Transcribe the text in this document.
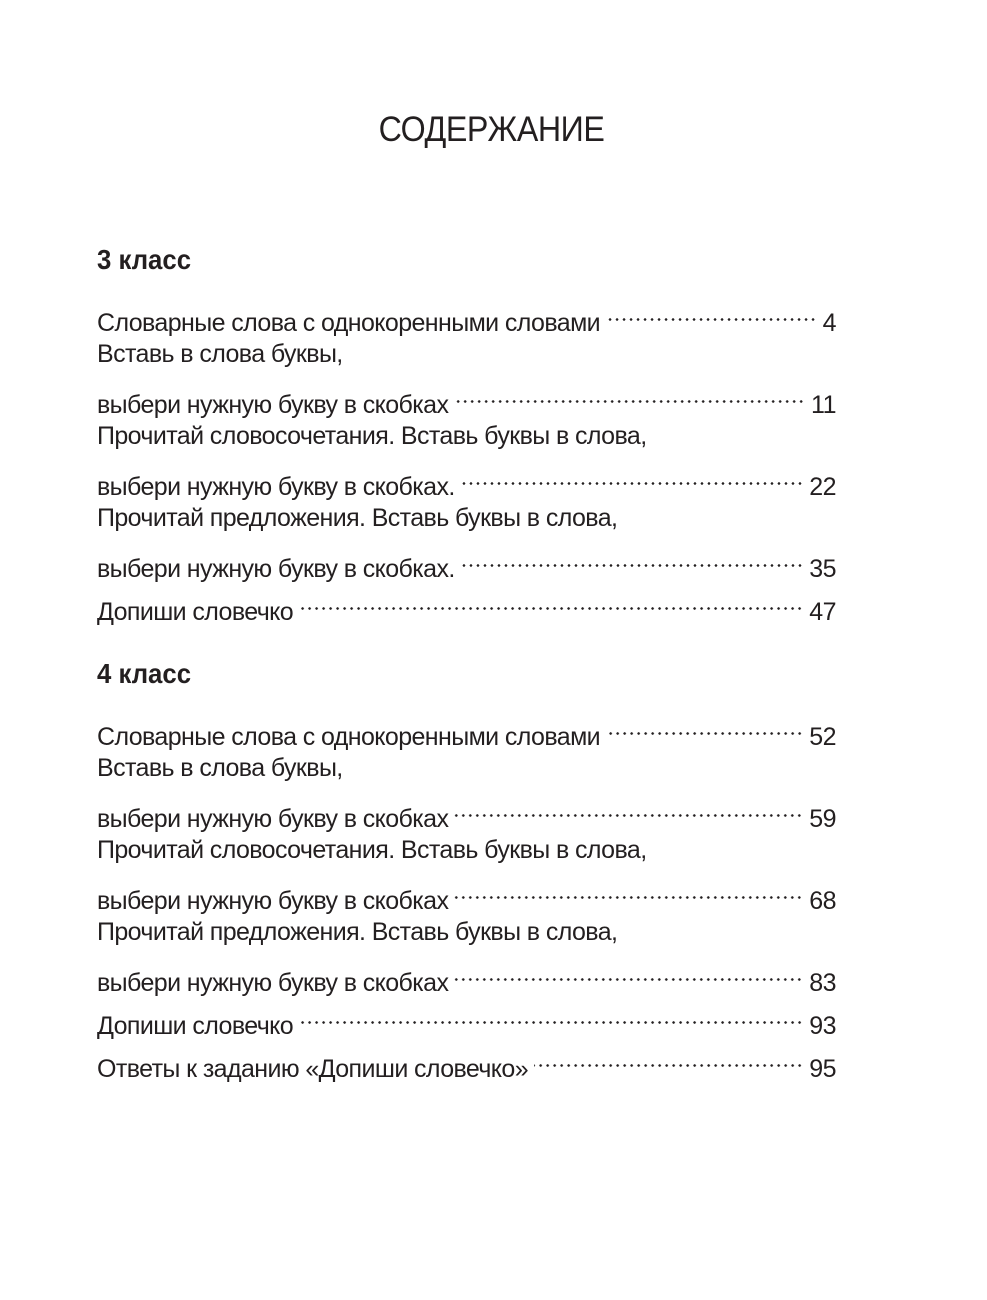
СОДЕРЖАНИЕ
3 класс
Словарные слова с однокоренными словами	4
Вставь в слова буквы,
выбери нужную букву в скобках	11
Прочитай словосочетания. Вставь буквы в слова,
выбери нужную букву в скобках.	22
Прочитай предложения. Вставь буквы в слова,
выбери нужную букву в скобках.	35
Допиши словечко	47
4 класс
Словарные слова с однокоренными словами	52
Вставь в слова буквы,
выбери нужную букву в скобках	59
Прочитай словосочетания. Вставь буквы в слова,
выбери нужную букву в скобках	68
Прочитай предложения. Вставь буквы в слова,
выбери нужную букву в скобках	83
Допиши словечко	93
Ответы к заданию «Допиши словечко»	95
